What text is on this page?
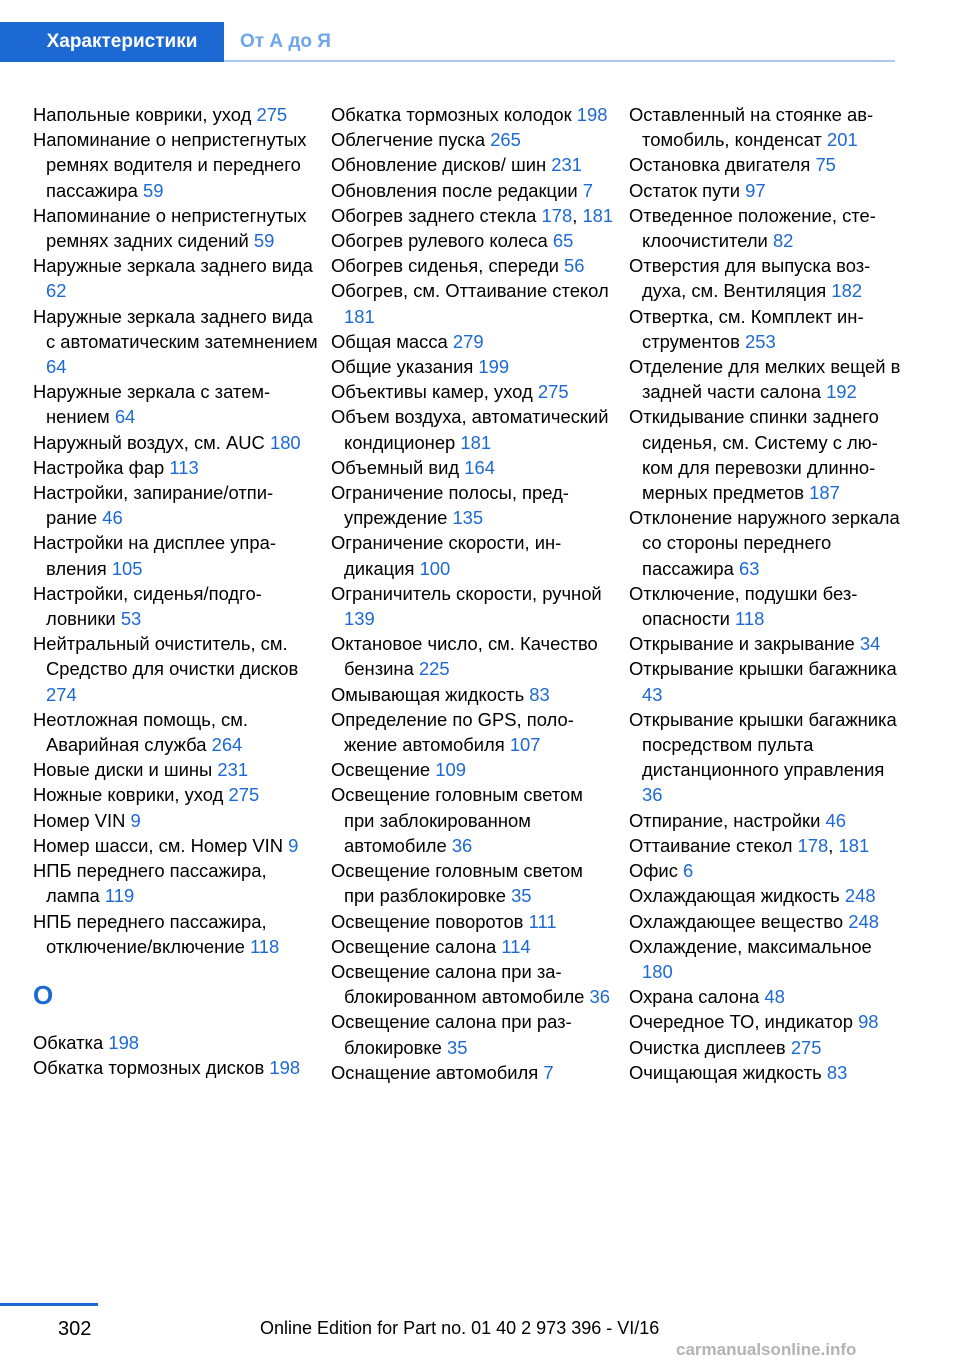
Характеристики	От А до Я
Напольные коврики, уход 275
Напоминание о непристегнутых ремнях водителя и переднего пассажира 59
Напоминание о непристегнутых ремнях задних сидений 59
Наружные зеркала заднего вида 62
Наружные зеркала заднего вида с автоматическим затемнением 64
Наружные зеркала с затемнением 64
Наружный воздух, см. AUC 180
Настройка фар 113
Настройки, запирание/отпирание 46
Настройки на дисплее управления 105
Настройки, сиденья/подголовники 53
Нейтральный очиститель, см. Средство для очистки дисков 274
Неотложная помощь, см. Аварийная служба 264
Новые диски и шины 231
Ножные коврики, уход 275
Номер VIN 9
Номер шасси, см. Номер VIN 9
НПБ переднего пассажира, лампа 119
НПБ переднего пассажира, отключение/включение 118
О
Обкатка 198
Обкатка тормозных дисков 198
Обкатка тормозных колодок 198
Облегчение пуска 265
Обновление дисков/ шин 231
Обновления после редакции 7
Обогрев заднего стекла 178, 181
Обогрев рулевого колеса 65
Обогрев сиденья, спереди 56
Обогрев, см. Оттаивание стекол 181
Общая масса 279
Общие указания 199
Объективы камер, уход 275
Объем воздуха, автоматический кондиционер 181
Объемный вид 164
Ограничение полосы, предупреждение 135
Ограничение скорости, индикация 100
Ограничитель скорости, ручной 139
Октановое число, см. Качество бензина 225
Омывающая жидкость 83
Определение по GPS, положение автомобиля 107
Освещение 109
Освещение головным светом при заблокированном автомобиле 36
Освещение головным светом при разблокировке 35
Освещение поворотов 111
Освещение салона 114
Освещение салона при заблокированном автомобиле 36
Освещение салона при разблокировке 35
Оснащение автомобиля 7
Оставленный на стоянке автомобиль, конденсат 201
Остановка двигателя 75
Остаток пути 97
Отведенное положение, стеклоочистители 82
Отверстия для выпуска воздуха, см. Вентиляция 182
Отвертка, см. Комплект инструментов 253
Отделение для мелких вещей в задней части салона 192
Откидывание спинки заднего сиденья, см. Систему с люком для перевозки длинномерных предметов 187
Отклонение наружного зеркала со стороны переднего пассажира 63
Отключение, подушки безопасности 118
Открывание и закрывание 34
Открывание крышки багажника 43
Открывание крышки багажника посредством пульта дистанционного управления 36
Отпирание, настройки 46
Оттаивание стекол 178, 181
Офис 6
Охлаждающая жидкость 248
Охлаждающее вещество 248
Охлаждение, максимальное 180
Охрана салона 48
Очередное ТО, индикатор 98
Очистка дисплеев 275
Очищающая жидкость 83
302	Online Edition for Part no. 01 40 2 973 396 - VI/16
carmanualsonline.info
